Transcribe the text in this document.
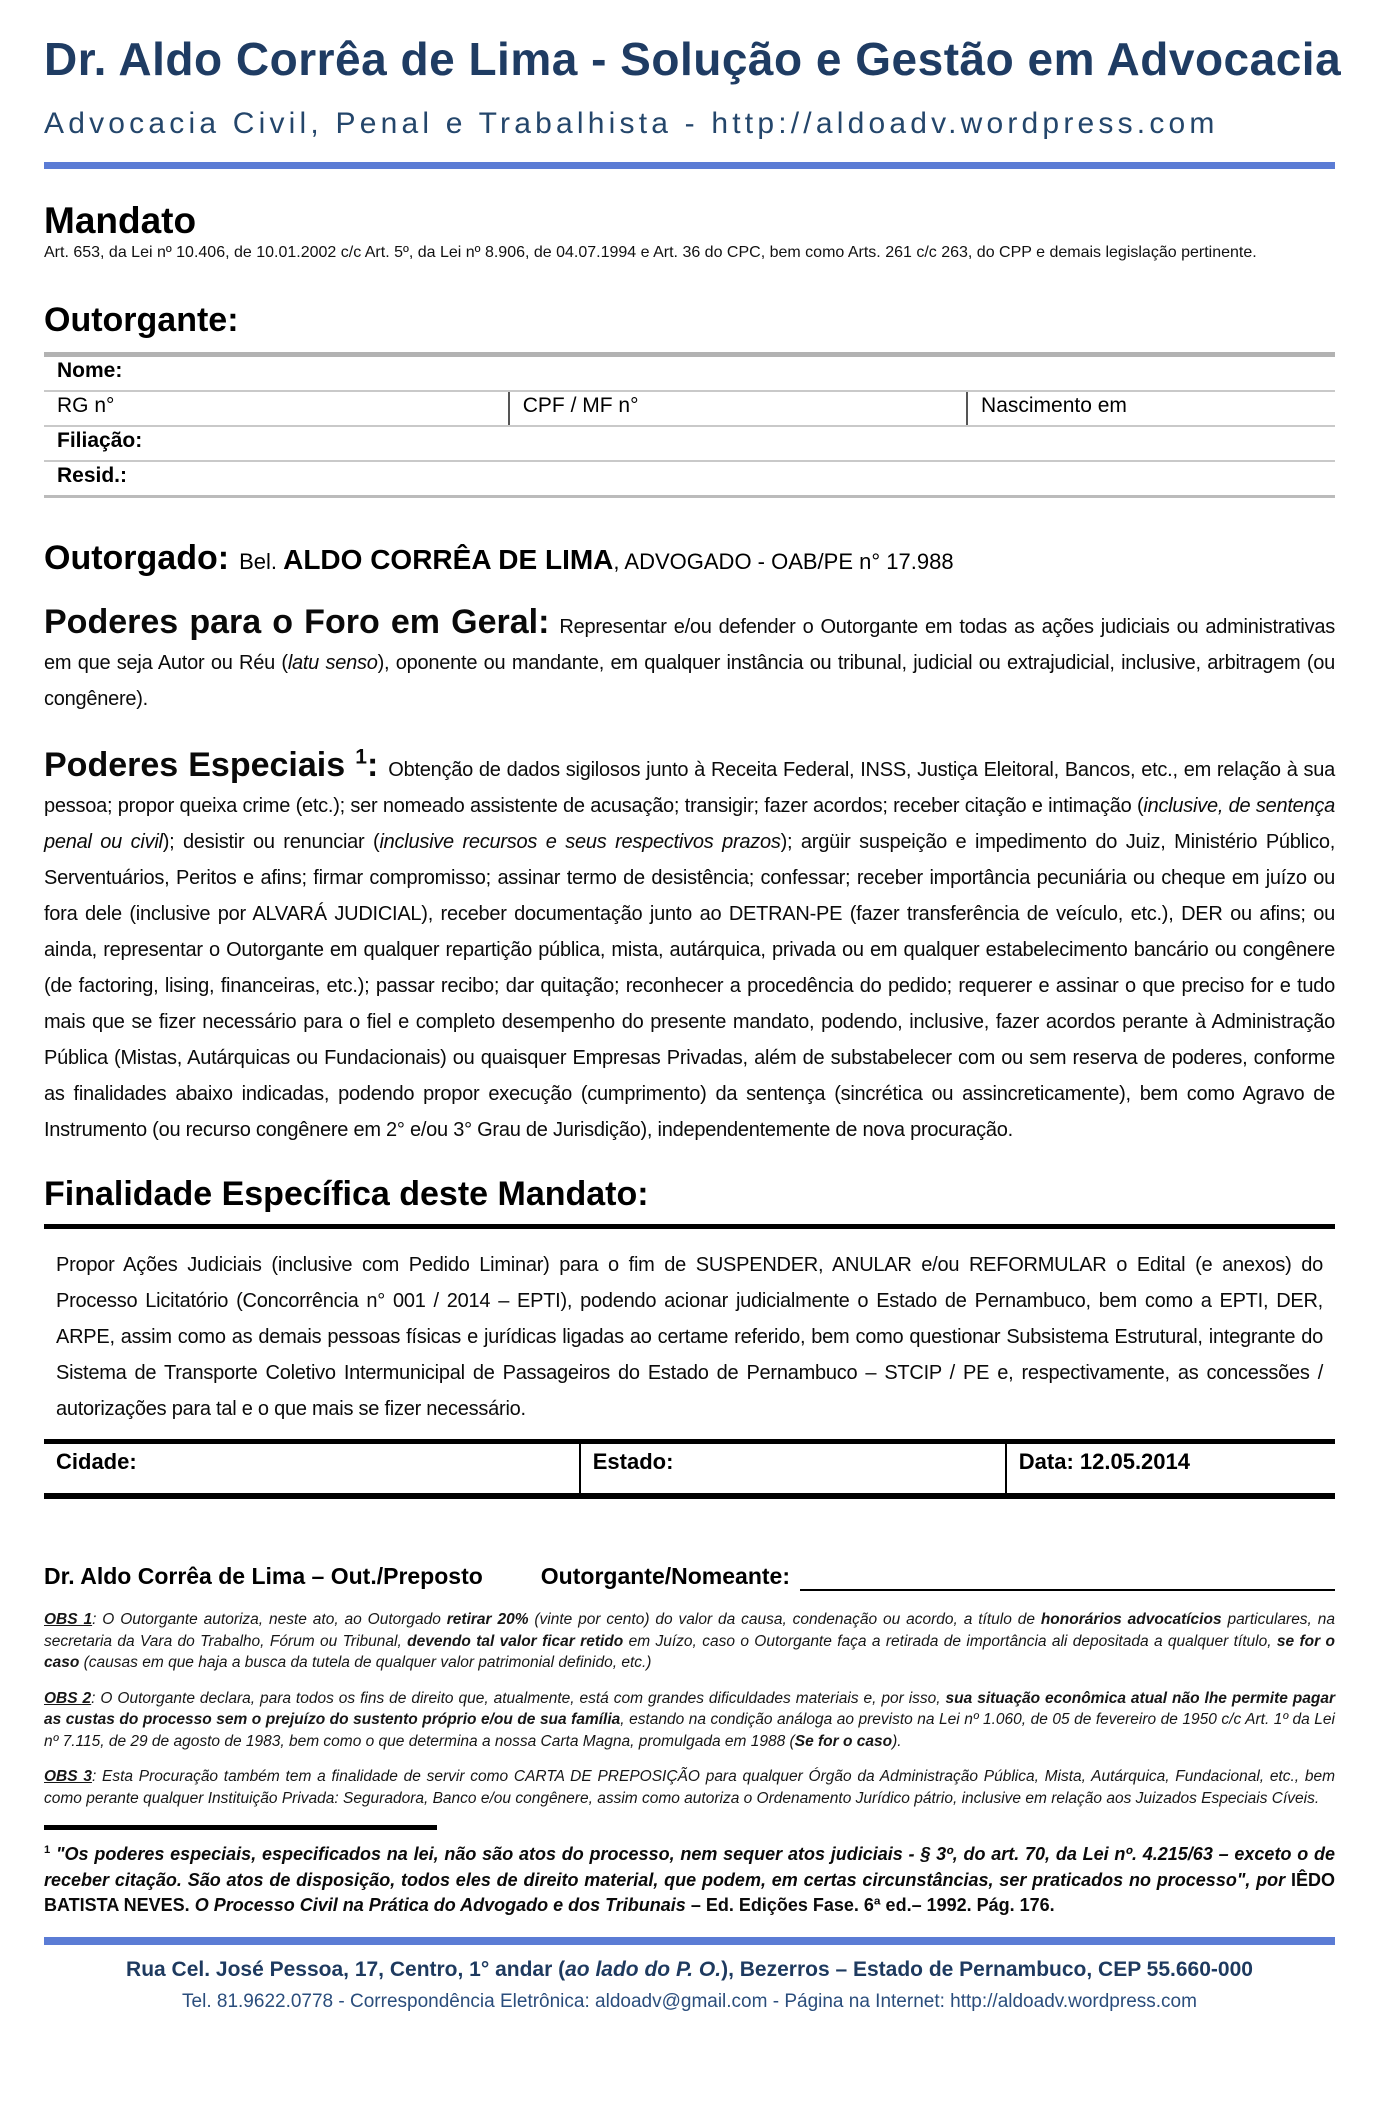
Dr. Aldo Corrêa de Lima - Solução e Gestão em Advocacia
Advocacia Civil, Penal e Trabalhista - http://aldoadv.wordpress.com
Mandato
Art. 653, da Lei nº 10.406, de 10.01.2002 c/c Art. 5º, da Lei nº 8.906, de 04.07.1994 e Art. 36 do CPC, bem como Arts. 261 c/c 263, do CPP e demais legislação pertinente.
Outorgante:
Nome:
RG n°	CPF / MF n°	Nascimento em
Filiação:
Resid.:
Outorgado: Bel. ALDO CORRÊA DE LIMA, ADVOGADO - OAB/PE n° 17.988

Poderes para o Foro em Geral: Representar e/ou defender o Outorgante em todas as ações judiciais ou administrativas em que seja Autor ou Réu (latu senso), oponente ou mandante, em qualquer instância ou tribunal, judicial ou extrajudicial, inclusive, arbitragem (ou congênere).

Poderes Especiais $^1$: Obtenção de dados sigilosos junto à Receita Federal, INSS, Justiça Eleitoral, Bancos, etc., em relação à sua pessoa; propor queixa crime (etc.); ser nomeado assistente de acusação; transigir; fazer acordos; receber citação e intimação (inclusive, de sentença penal ou civil); desistir ou renunciar (inclusive recursos e seus respectivos prazos); argüir suspeição e impedimento do Juiz, Ministério Público, Serventuários, Peritos e afins; firmar compromisso; assinar termo de desistência; confessar; receber importância pecuniária ou cheque em juízo ou fora dele (inclusive por ALVARÁ JUDICIAL), receber documentação junto ao DETRAN-PE (fazer transferência de veículo, etc.), DER ou afins; ou ainda, representar o Outorgante em qualquer repartição pública, mista, autárquica, privada ou em qualquer estabelecimento bancário ou congênere (de factoring, lising, financeiras, etc.); passar recibo; dar quitação; reconhecer a procedência do pedido; requerer e assinar o que preciso for e tudo mais que se fizer necessário para o fiel e completo desempenho do presente mandato, podendo, inclusive, fazer acordos perante à Administração Pública (Mistas, Autárquicas ou Fundacionais) ou quaisquer Empresas Privadas, além de substabelecer com ou sem reserva de poderes, conforme as finalidades abaixo indicadas, podendo propor execução (cumprimento) da sentença (sincrética ou assincreticamente), bem como Agravo de Instrumento (ou recurso congênere em 2° e/ou 3° Grau de Jurisdição), independentemente de nova procuração.

Finalidade Específica deste Mandato:

Propor Ações Judiciais (inclusive com Pedido Liminar) para o fim de SUSPENDER, ANULAR e/ou REFORMULAR o Edital (e anexos) do Processo Licitatório (Concorrência n° 001 / 2014 – EPTI), podendo acionar judicialmente o Estado de Pernambuco, bem como a EPTI, DER, ARPE, assim como as demais pessoas físicas e jurídicas ligadas ao certame referido, bem como questionar Subsistema Estrutural, integrante do Sistema de Transporte Coletivo Intermunicipal de Passageiros do Estado de Pernambuco – STCIP / PE e, respectivamente, as concessões / autorizações para tal e o que mais se fizer necessário.

Cidade:	Estado:	Data: 12.05.2014
Dr. Aldo Corrêa de Lima – Out./Preposto	Outorgante/Nomeante:

OBS 1: O Outorgante autoriza, neste ato, ao Outorgado retirar 20% (vinte por cento) do valor da causa, condenação ou acordo, a título de honorários advocatícios particulares, na secretaria da Vara do Trabalho, Fórum ou Tribunal, devendo tal valor ficar retido em Juízo, caso o Outorgante faça a retirada de importância ali depositada a qualquer título, se for o caso (causas em que haja a busca da tutela de qualquer valor patrimonial definido, etc.)

OBS 2: O Outorgante declara, para todos os fins de direito que, atualmente, está com grandes dificuldades materiais e, por isso, sua situação econômica atual não lhe permite pagar as custas do processo sem o prejuízo do sustento próprio e/ou de sua família, estando na condição análoga ao previsto na Lei nº 1.060, de 05 de fevereiro de 1950 c/c Art. 1º da Lei nº 7.115, de 29 de agosto de 1983, bem como o que determina a nossa Carta Magna, promulgada em 1988 (Se for o caso).

OBS 3: Esta Procuração também tem a finalidade de servir como CARTA DE PREPOSIÇÃO para qualquer Órgão da Administração Pública, Mista, Autárquica, Fundacional, etc., bem como perante qualquer Instituição Privada: Seguradora, Banco e/ou congênere, assim como autoriza o Ordenamento Jurídico pátrio, inclusive em relação aos Juizados Especiais Cíveis.

$^1$ "Os poderes especiais, especificados na lei, não são atos do processo, nem sequer atos judiciais - § 3º, do art. 70, da Lei nº. 4.215/63 – exceto o de receber citação. São atos de disposição, todos eles de direito material, que podem, em certas circunstâncias, ser praticados no processo", por IÊDO BATISTA NEVES. O Processo Civil na Prática do Advogado e dos Tribunais – Ed. Edições Fase. 6ª ed.– 1992. Pág. 176.

Rua Cel. José Pessoa, 17, Centro, 1° andar (ao lado do P. O.), Bezerros – Estado de Pernambuco, CEP 55.660-000
Tel. 81.9622.0778 - Correspondência Eletrônica: aldoadv@gmail.com - Página na Internet: http://aldoadv.wordpress.com
